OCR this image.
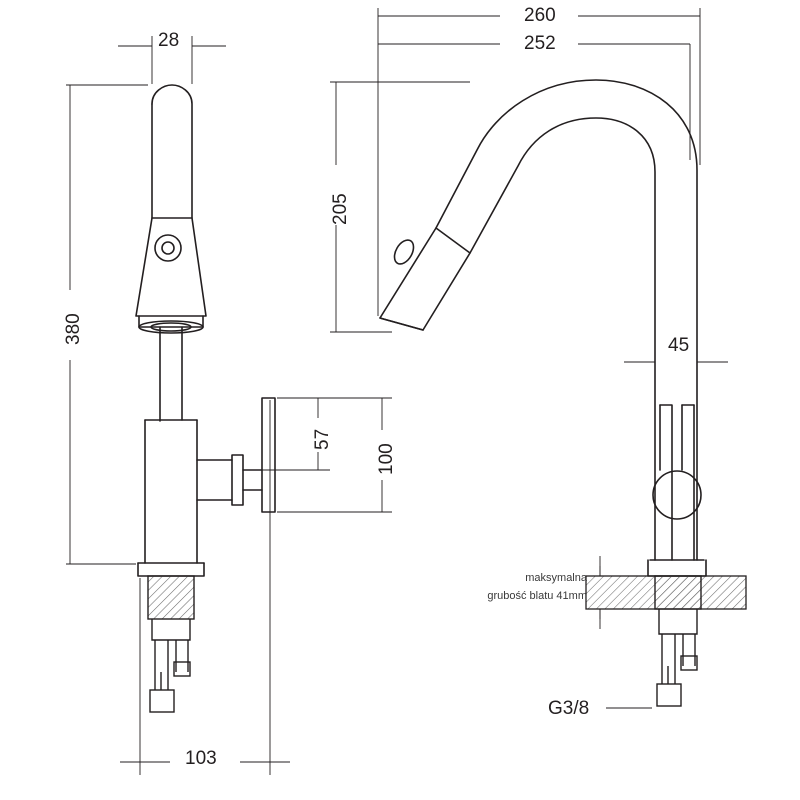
28
380
103
57
100
260
252
205
45
G3/8
maksymalna
grubość blatu 41mm
